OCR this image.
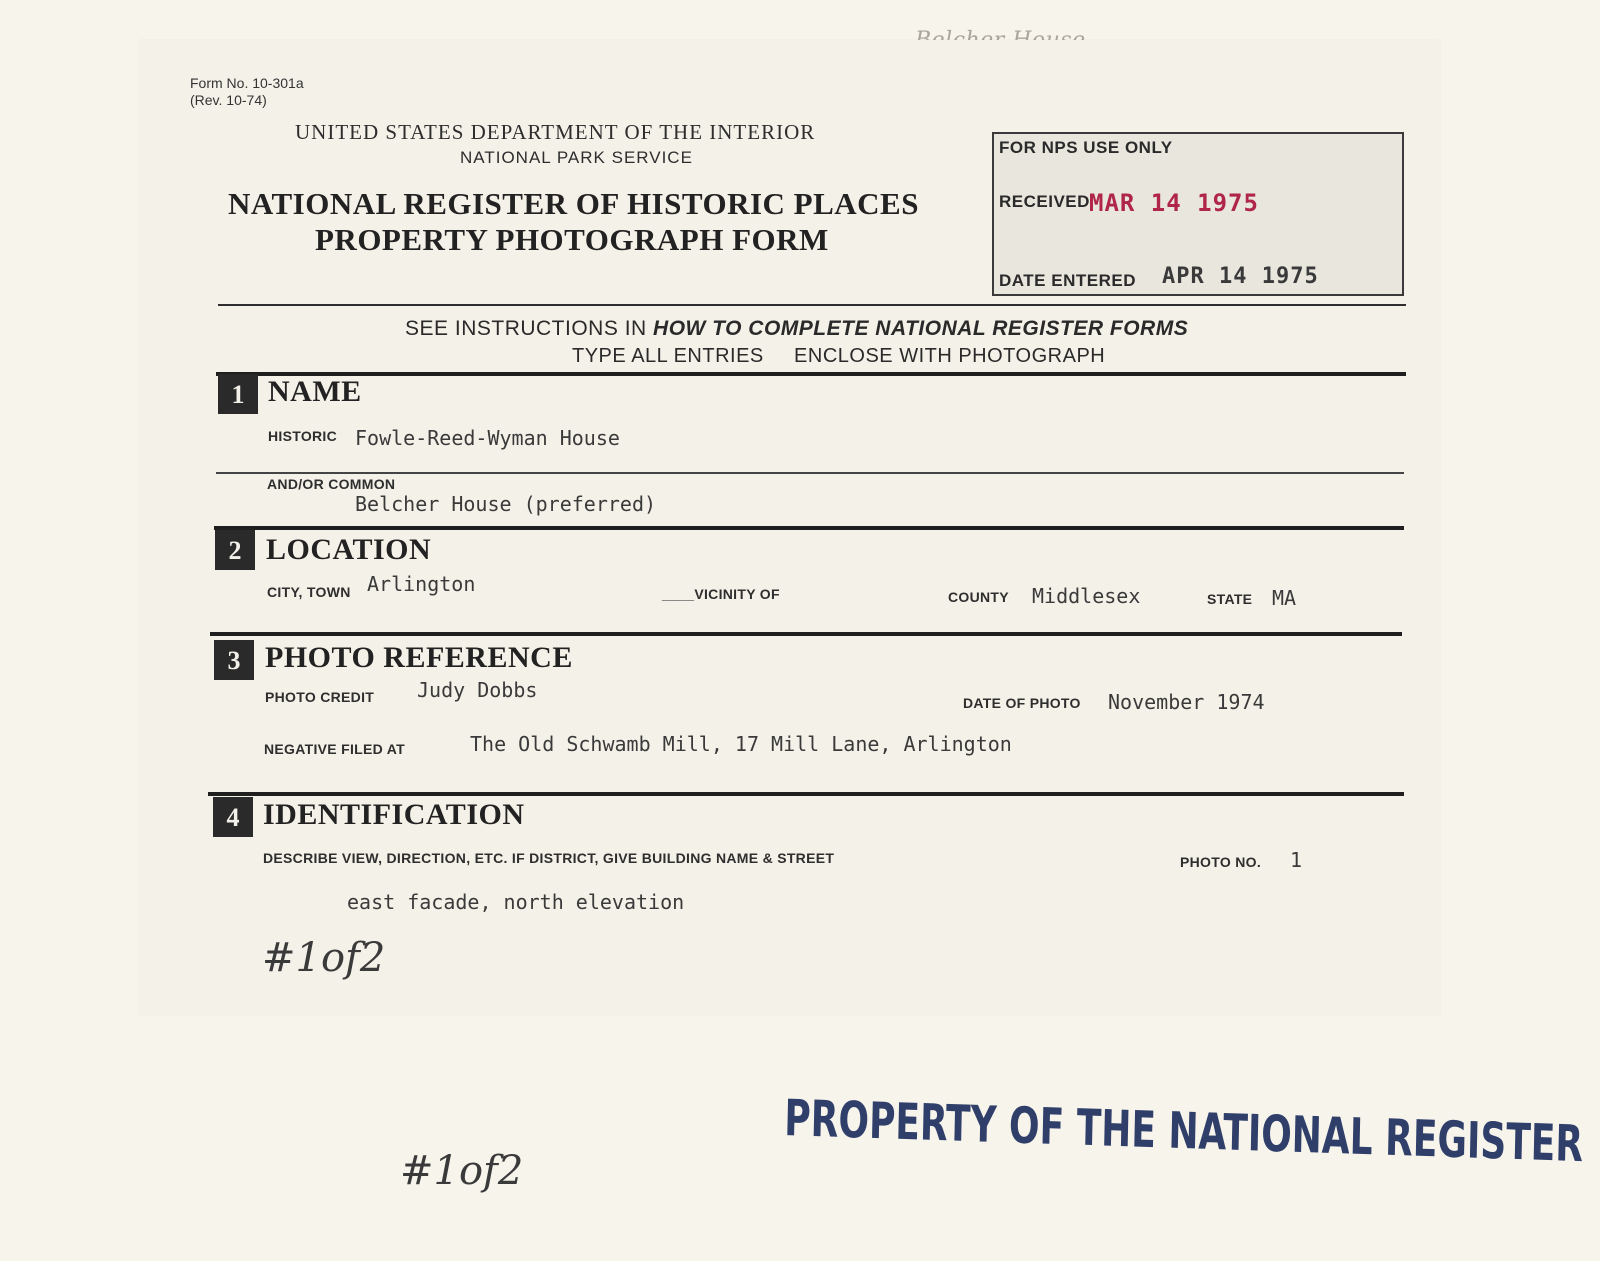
Form No. 10-301a
(Rev. 10-74)
UNITED STATES DEPARTMENT OF THE INTERIOR
NATIONAL PARK SERVICE
NATIONAL REGISTER OF HISTORIC PLACES
PROPERTY PHOTOGRAPH FORM
FOR NPS USE ONLY
RECEIVED MAR 14 1975
DATE ENTERED APR 14 1975
SEE INSTRUCTIONS IN HOW TO COMPLETE NATIONAL REGISTER FORMS
TYPE ALL ENTRIES     ENCLOSE WITH PHOTOGRAPH
1 NAME
HISTORIC Fowle-Reed-Wyman House
AND/OR COMMON
Belcher House (preferred)
2 LOCATION
CITY, TOWN Arlington	____VICINITY OF	COUNTY Middlesex	STATE MA
3 PHOTO REFERENCE
PHOTO CREDIT Judy Dobbs
DATE OF PHOTO November 1974
NEGATIVE FILED AT	The Old Schwamb Mill, 17 Mill Lane, Arlington
4 IDENTIFICATION
DESCRIBE VIEW, DIRECTION, ETC. IF DISTRICT, GIVE BUILDING NAME & STREET	PHOTO NO. 1
east facade, north elevation
#1of2
#1of2	PROPERTY OF THE NATIONAL REGISTER
